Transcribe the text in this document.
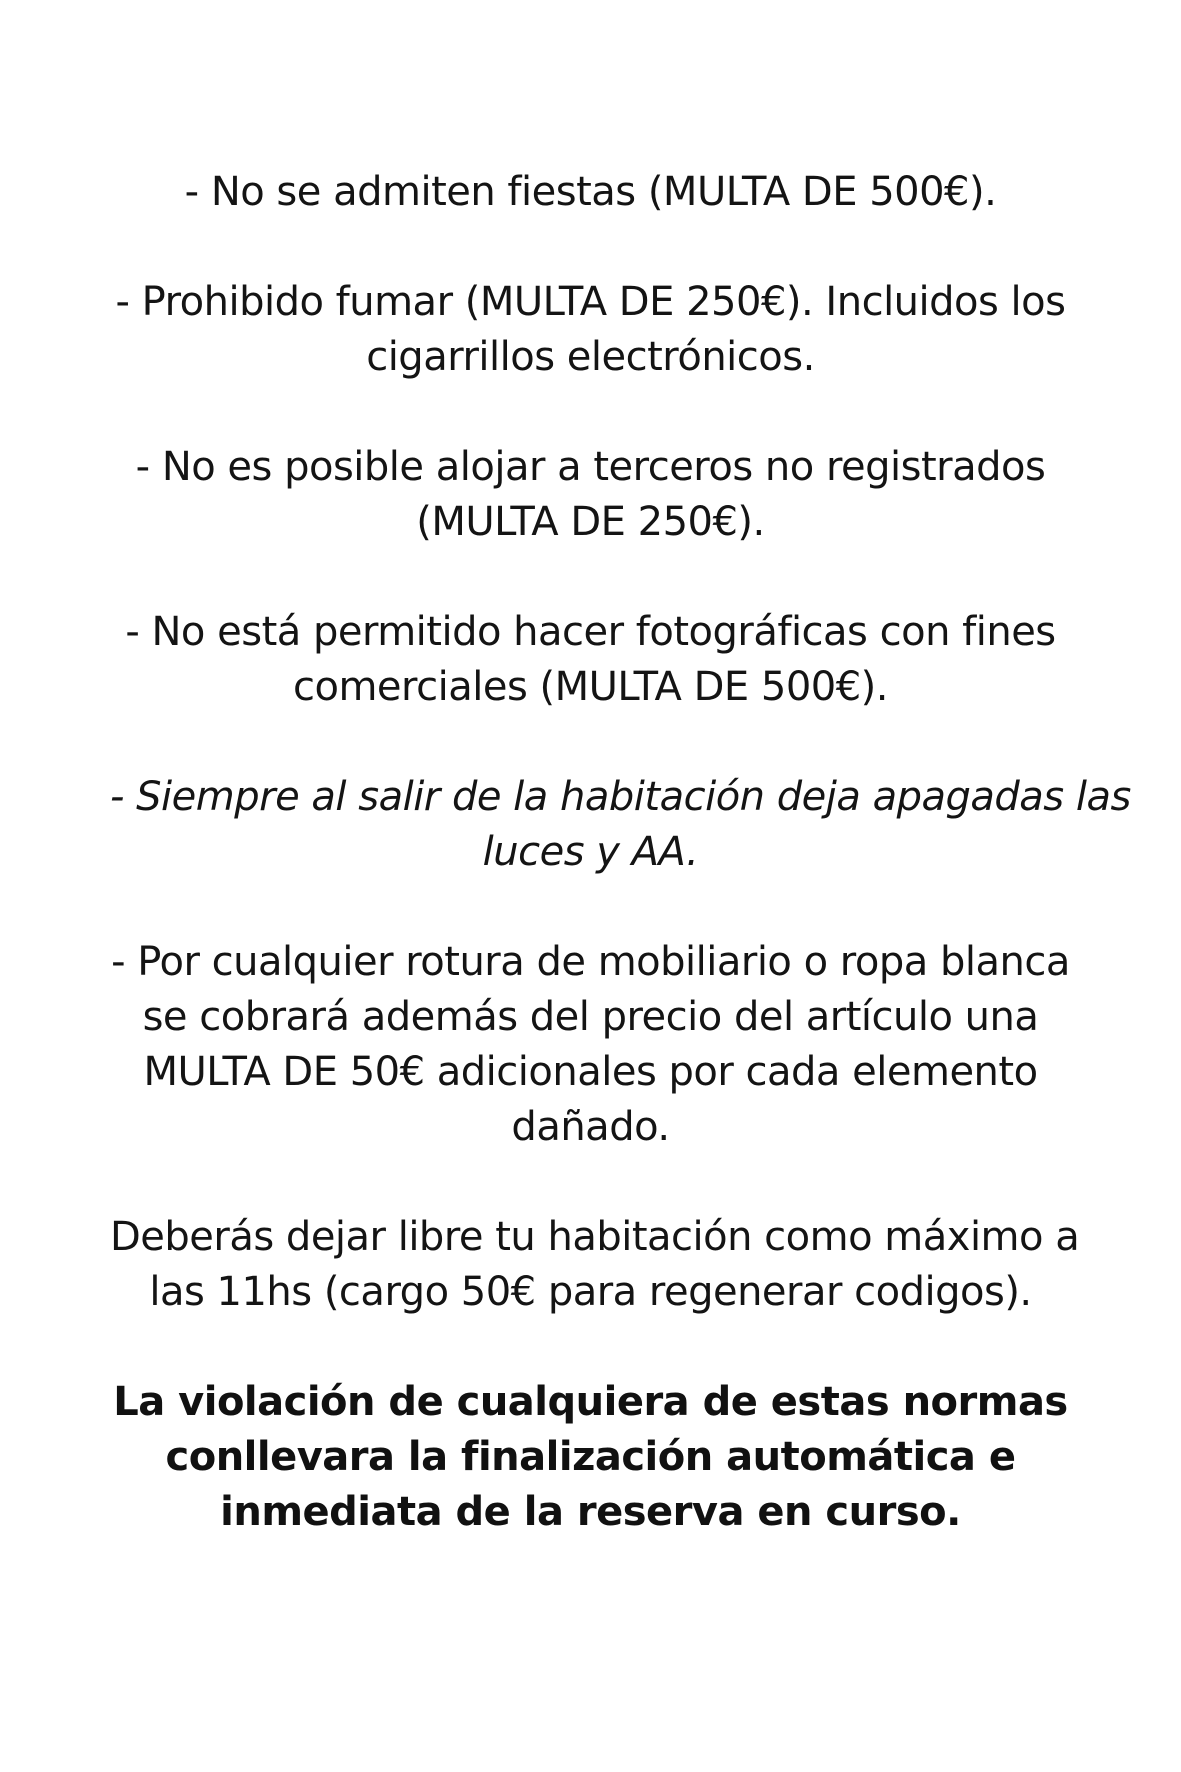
- No se admiten fiestas (MULTA DE 500€).
- Prohibido fumar (MULTA DE 250€). Incluidos los
cigarrillos electrónicos.
- No es posible alojar a terceros no registrados
(MULTA DE 250€).
- No está permitido hacer fotográficas con fines
comerciales (MULTA DE 500€).
- Siempre al salir de la habitación deja apagadas las
luces y AA.
- Por cualquier rotura de mobiliario o ropa blanca
se cobrará además del precio del artículo una
MULTA DE 50€ adicionales por cada elemento
dañado.
Deberás dejar libre tu habitación como máximo a
las 11hs (cargo 50€ para regenerar codigos).
La violación de cualquiera de estas normas
conllevara la finalización automática e
inmediata de la reserva en curso.
